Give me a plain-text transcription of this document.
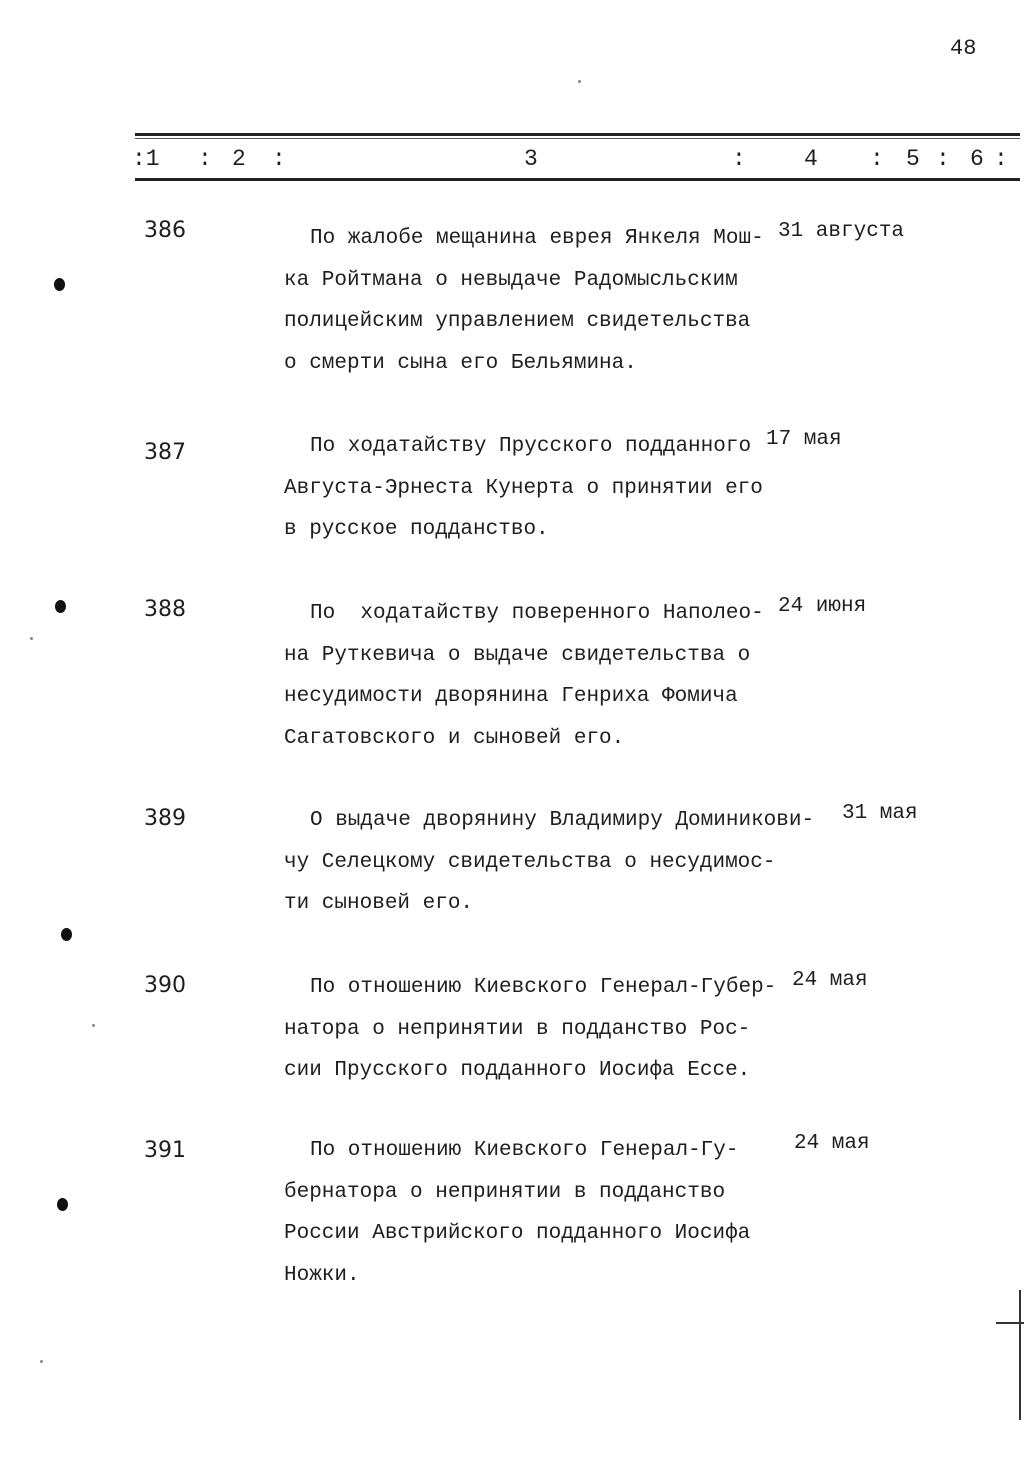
48
:1 : 2 :	3	:	4 : 5 : 6 :
386	По жалобе мещанина еврея Янкеля Мош-
ка Ройтмана о невыдаче Радомысльским
полицейским управлением свидетельства
о смерти сына его Бельямина.
31 августа
387	По ходатайству Прусского подданного
Августа-Эрнеста Кунерта о принятии его
в русское подданство.
17 мая
388	По  ходатайству поверенного Наполео-
на Руткевича о выдаче свидетельства о
несудимости дворянина Генриха Фомича
Сагатовского и сыновей его.
24 июня
389	О выдаче дворянину Владимиру Доминикови-
чу Селецкому свидетельства о несудимос-
ти сыновей его.
31 мая
390	По отношению Киевского Генерал-Губер-
натора о непринятии в подданство Рос-
сии Прусского подданного Иосифа Ессе.
24 мая
391	По отношению Киевского Генерал-Гу-
бернатора о непринятии в подданство
России Австрийского подданного Иосифа
Ножки.
24 мая
